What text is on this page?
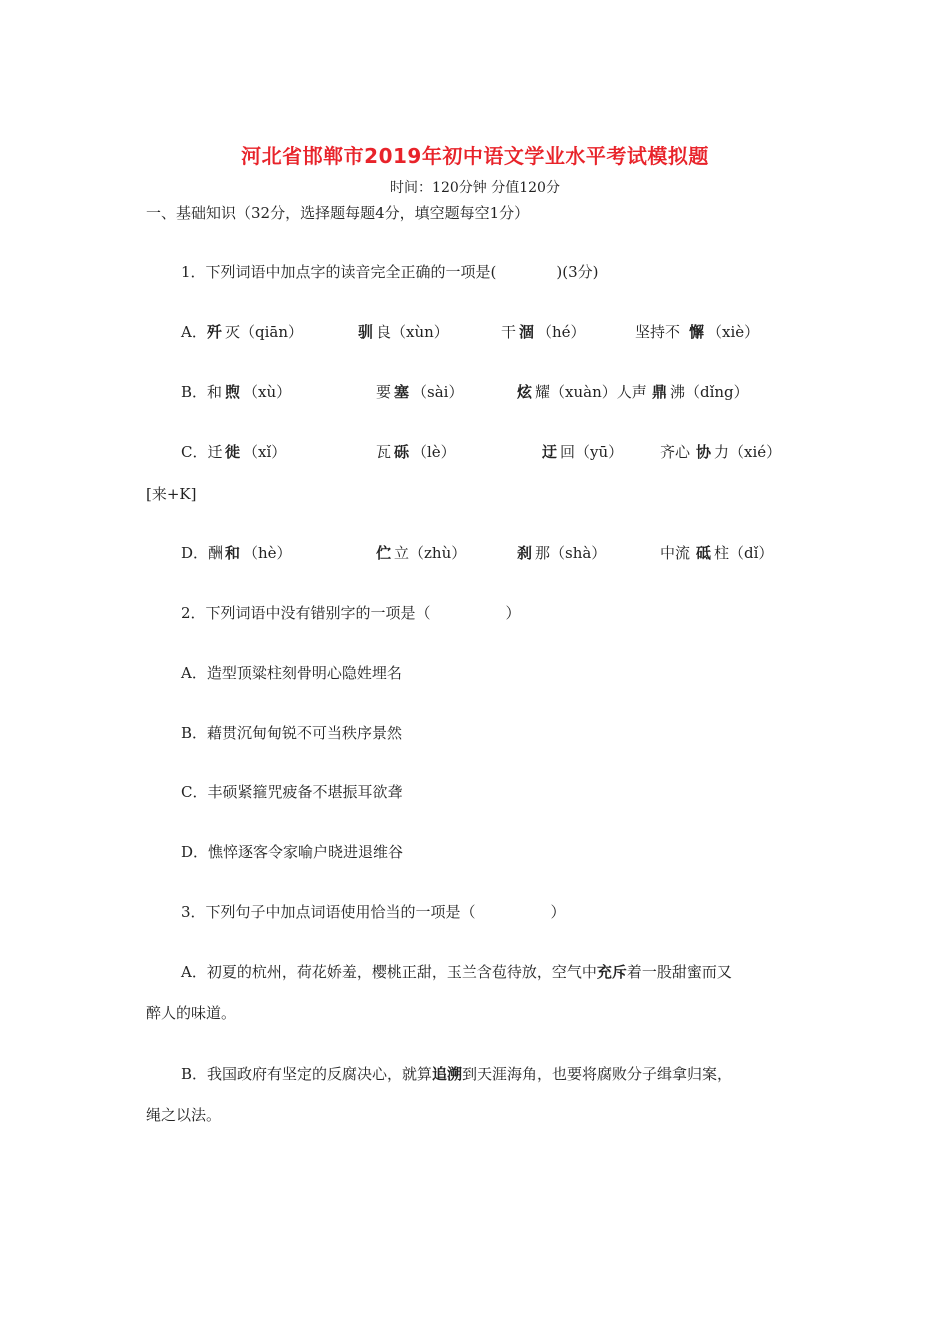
河北省邯郸市2019年初中语文学业水平考试模拟题
时间：120分钟 分值120分
一、基础知识（32分，选择题每题4分，填空题每空1分）
1．下列词语中加点字的读音完全正确的一项是(　　　　)(3分)
A． 歼 灭（qiān）	驯 良（xùn）	干 涸 （hé）	坚持不 懈 （xiè）
B．和 煦 （xù）	要 塞 （sài）	炫 耀（xuàn）人声 鼎 沸（dǐng）
C．迁 徙 （xǐ）	瓦 砾 （lè）	迂 回（yū） 齐心 协 力（xié）
[来+K]
D．酬 和 （hè）	伫 立（zhù）	刹 那（shà）	中流 砥 柱（dǐ）
2．下列词语中没有错别字的一项是（　　　　　）
A．造型顶粱柱刻骨明心隐姓埋名
B．藉贯沉甸甸锐不可当秩序景然
C．丰硕紧箍咒疲备不堪振耳欲聋
D．憔悴逐客令家喻户晓进退维谷
3．下列句子中加点词语使用恰当的一项是（　　　　　）
A．初夏的杭州，荷花娇羞，樱桃正甜，玉兰含苞待放，空气中充斥着一股甜蜜而又
醉人的味道。
B．我国政府有坚定的反腐决心，就算追溯到天涯海角，也要将腐败分子缉拿归案，
绳之以法。
